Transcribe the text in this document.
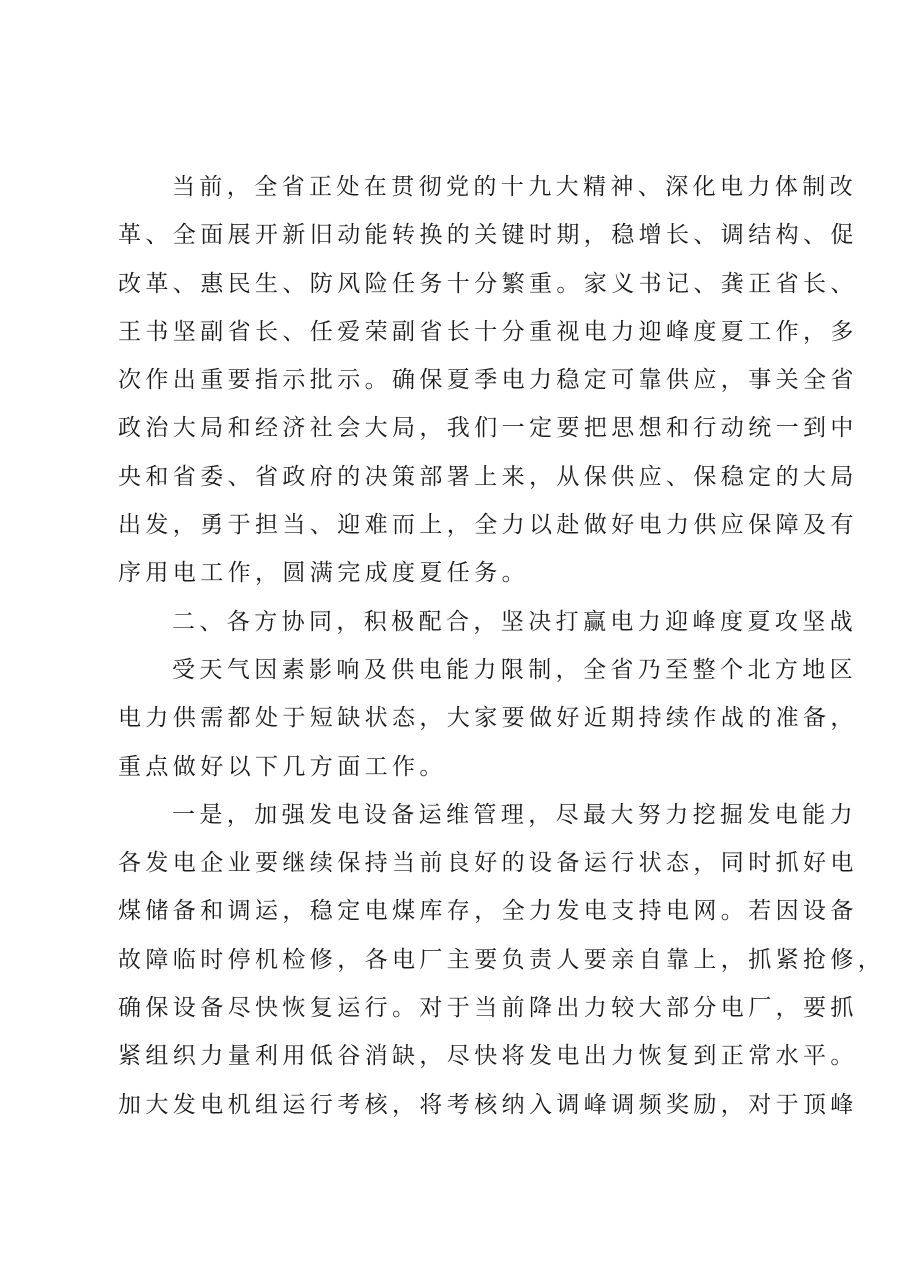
当前，全省正处在贯彻党的十九大精神、深化电力体制改
革、全面展开新旧动能转换的关键时期，稳增长、调结构、促
改革、惠民生、防风险任务十分繁重。家义书记、龚正省长、
王书坚副省长、任爱荣副省长十分重视电力迎峰度夏工作，多
次作出重要指示批示。确保夏季电力稳定可靠供应，事关全省
政治大局和经济社会大局，我们一定要把思想和行动统一到中
央和省委、省政府的决策部署上来，从保供应、保稳定的大局
出发，勇于担当、迎难而上，全力以赴做好电力供应保障及有
序用电工作，圆满完成度夏任务。
二、各方协同，积极配合，坚决打赢电力迎峰度夏攻坚战
受天气因素影响及供电能力限制，全省乃至整个北方地区
电力供需都处于短缺状态，大家要做好近期持续作战的准备，
重点做好以下几方面工作。
一是，加强发电设备运维管理，尽最大努力挖掘发电能力
各发电企业要继续保持当前良好的设备运行状态，同时抓好电
煤储备和调运，稳定电煤库存，全力发电支持电网。若因设备
故障临时停机检修，各电厂主要负责人要亲自靠上，抓紧抢修，
确保设备尽快恢复运行。对于当前降出力较大部分电厂，要抓
紧组织力量利用低谷消缺，尽快将发电出力恢复到正常水平。
加大发电机组运行考核，将考核纳入调峰调频奖励，对于顶峰
